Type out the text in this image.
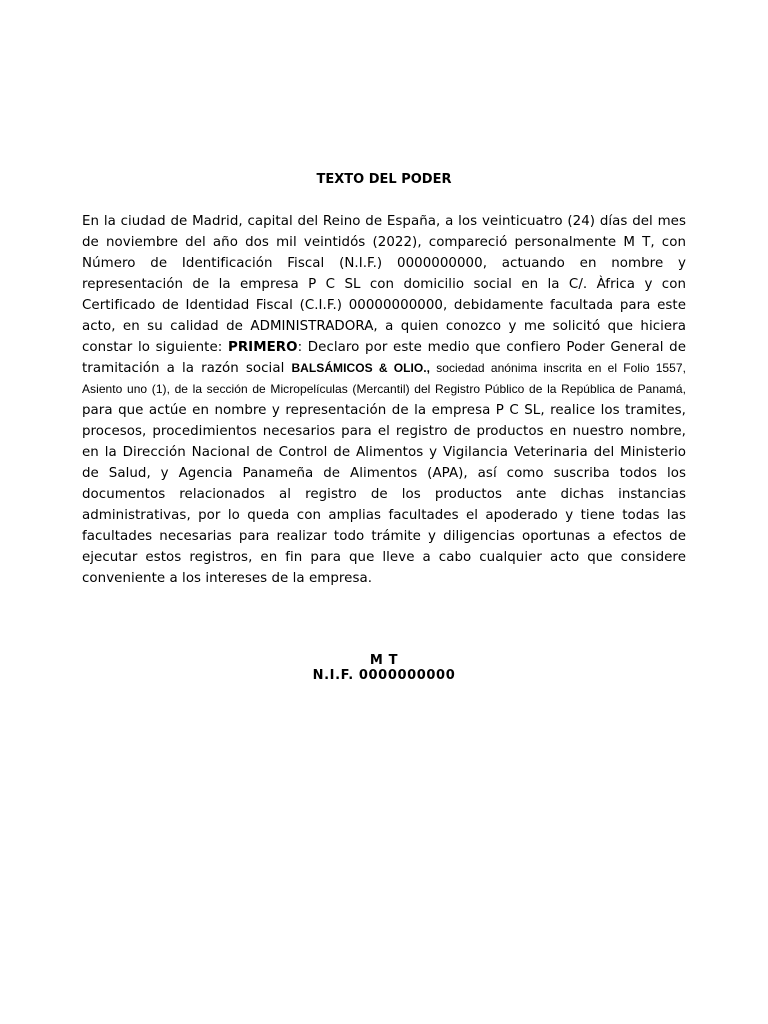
TEXTO DEL PODER
En la ciudad de Madrid, capital del Reino de España, a los veinticuatro (24) días del mes de noviembre del año dos mil veintidós (2022), compareció personalmente M T, con Número de Identificación Fiscal (N.I.F.) 0000000000, actuando en nombre y representación de la empresa P C SL con domicilio social en la C/. Àfrica y con Certificado de Identidad Fiscal (C.I.F.) 00000000000, debidamente facultada para este acto, en su calidad de ADMINISTRADORA, a quien conozco y me solicitó que hiciera constar lo siguiente: PRIMERO: Declaro por este medio que confiero Poder General de tramitación a la razón social BALSÁMICOS & OLIO., sociedad anónima inscrita en el Folio 1557, Asiento uno (1), de la sección de Micropelículas (Mercantil) del Registro Público de la República de Panamá, para que actúe en nombre y representación de la empresa P C SL, realice los tramites, procesos, procedimientos necesarios para el registro de productos en nuestro nombre, en la Dirección Nacional de Control de Alimentos y Vigilancia Veterinaria del Ministerio de Salud, y Agencia Panameña de Alimentos (APA), así como suscriba todos los documentos relacionados al registro de los productos ante dichas instancias administrativas, por lo queda con amplias facultades el apoderado y tiene todas las facultades necesarias para realizar todo trámite y diligencias oportunas a efectos de ejecutar estos registros, en fin para que lleve a cabo cualquier acto que considere conveniente a los intereses de la empresa.
M T
N.I.F. 0000000000
